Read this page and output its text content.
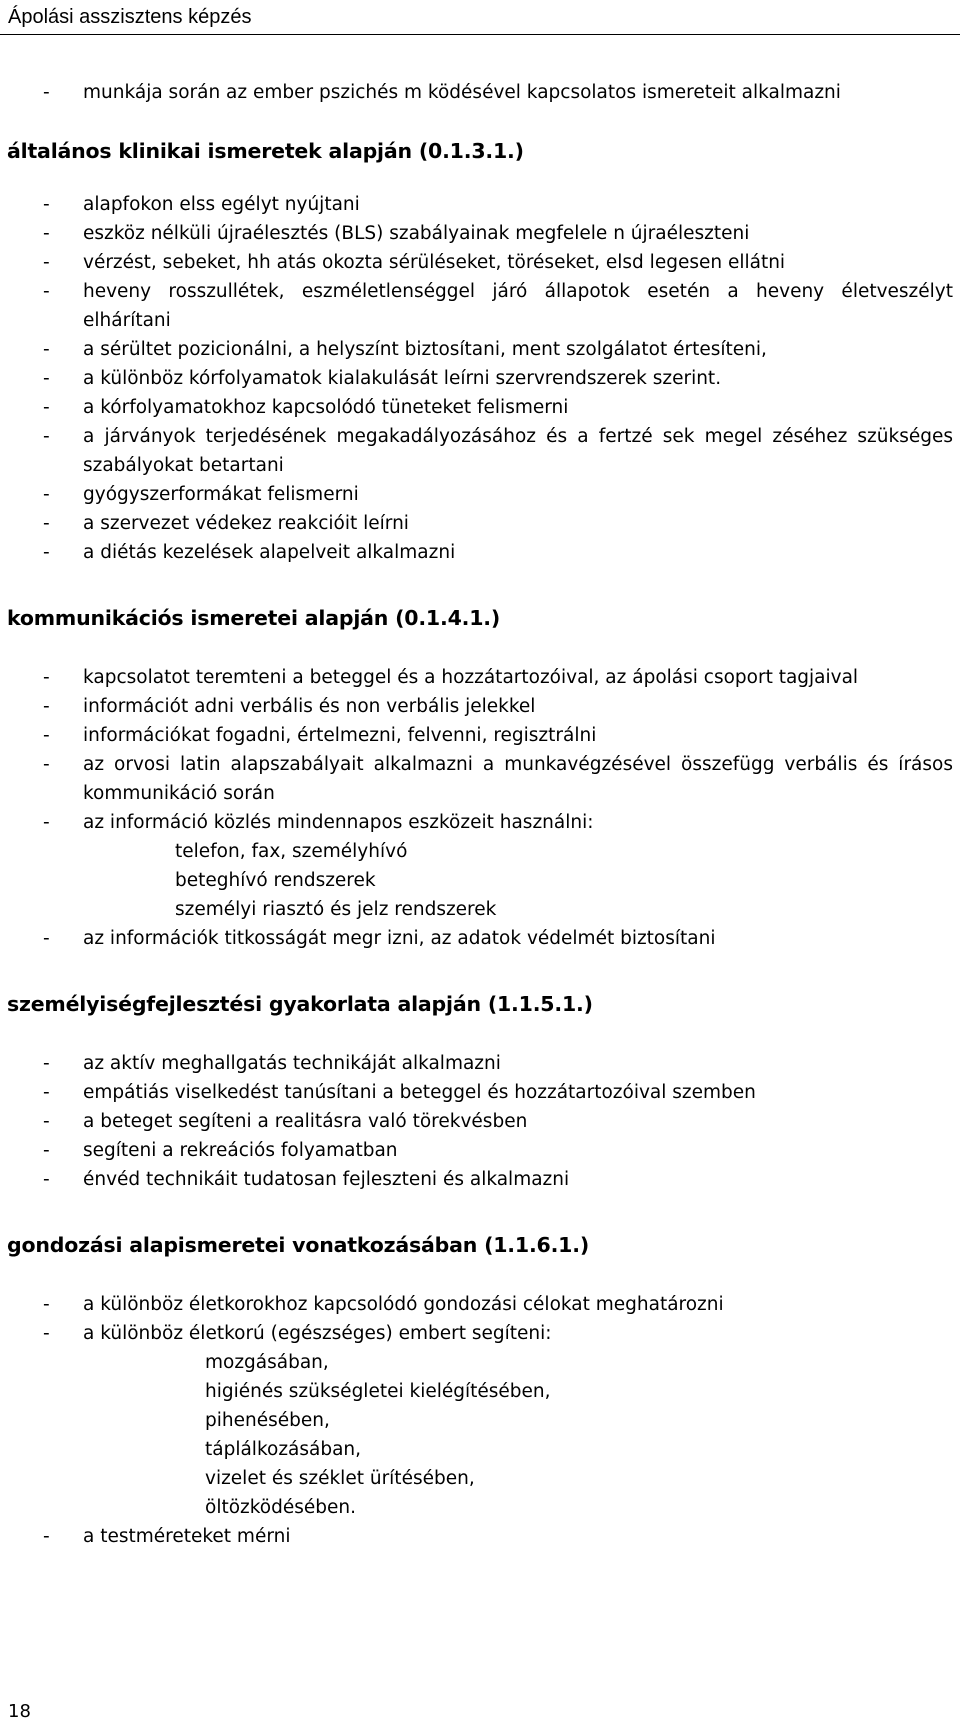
Ápolási asszisztens képzés
- munkája során az ember pszichés m ködésével kapcsolatos ismereteit alkalmazni
általános klinikai ismeretek alapján (0.1.3.1.)
- alapfokon elss egélyt nyújtani
- eszköz nélküli újraélesztés (BLS) szabályainak megfelele n újraéleszteni
- vérzést, sebeket, hh atás okozta sérüléseket, töréseket, elsd legesen ellátni
- heveny rosszullétek, eszméletlenséggel járó állapotok esetén a heveny életveszélyt elhárítani
- a sérültet pozicionálni, a helyszínt biztosítani, ment szolgálatot értesíteni,
- a különböz kórfolyamatok kialakulását leírni szervrendszerek szerint.
- a kórfolyamatokhoz kapcsolódó tüneteket felismerni
- a járványok terjedésének megakadályozásához és a fertzé sek megel zéséhez szükséges szabályokat betartani
- gyógyszerformákat felismerni
- a szervezet védekez reakcióit leírni
- a diétás kezelések alapelveit alkalmazni
kommunikációs ismeretei alapján (0.1.4.1.)
- kapcsolatot teremteni a beteggel és a hozzátartozóival, az ápolási csoport tagjaival
- információt adni verbális és non verbális jelekkel
- információkat fogadni, értelmezni, felvenni, regisztrálni
- az orvosi latin alapszabályait alkalmazni a munkavégzésével összefügg verbális és írásos kommunikáció során
- az információ közlés mindennapos eszközeit használni:
telefon, fax, személyhívó
beteghívó rendszerek
személyi riasztó és jelz rendszerek
- az információk titkosságát megr izni, az adatok védelmét biztosítani
személyiségfejlesztési gyakorlata alapján (1.1.5.1.)
- az aktív meghallgatás technikáját alkalmazni
- empátiás viselkedést tanúsítani a beteggel és hozzátartozóival szemben
- a beteget segíteni a realitásra való törekvésben
- segíteni a rekreációs folyamatban
- énvéd technikáit tudatosan fejleszteni és alkalmazni
gondozási alapismeretei vonatkozásában (1.1.6.1.)
- a különböz életkorokhoz kapcsolódó gondozási célokat meghatározni
- a különböz életkorú (egészséges) embert segíteni:
mozgásában,
higiénés szükségletei kielégítésében,
pihenésében,
táplálkozásában,
vizelet és széklet ürítésében,
öltözködésében.
- a testméreteket mérni
18
